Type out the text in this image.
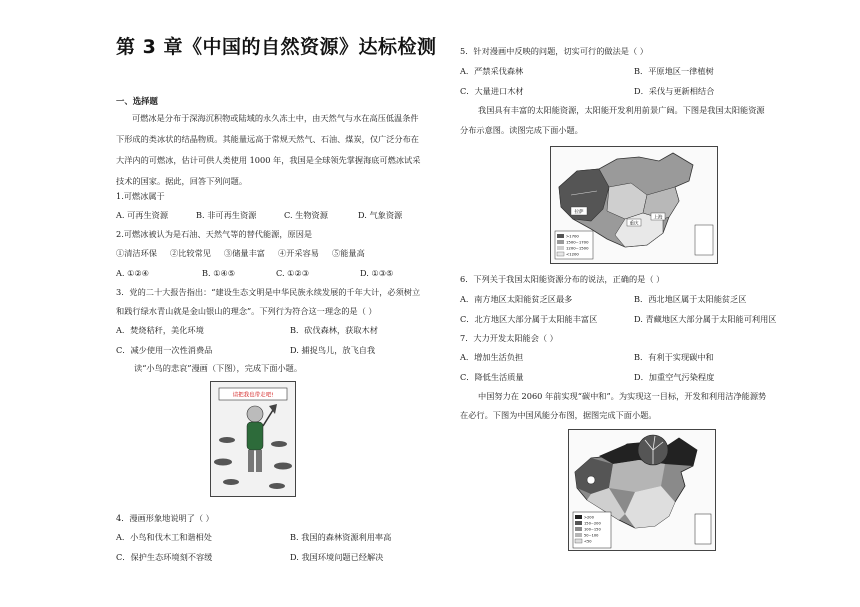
第 3 章《中国的自然资源》达标检测
一、选择题
可燃冰是分布于深海沉积物或陆域的永久冻土中，由天然气与水在高压低温条件
下形成的类冰状的结晶物质。其能量远高于常规天然气、石油、煤炭，仅广泛分布在
大洋内的可燃冰，估计可供人类使用 1000 年，我国是全球领先掌握海底可燃冰试采
技术的国家。据此，回答下列问题。
1.可燃冰属于
A. 可再生资源	B. 非可再生资源	C. 生物资源	D. 气象资源
2.可燃冰被认为是石油、天然气等的替代能源，原因是
①清洁环保 ②比较常见 ③储量丰富 ④开采容易 ⑤能量高
A. ①②④	B. ①④⑤	C. ①②③	D. ①③⑤
3．党的二十大报告指出：“建设生态文明是中华民族永续发展的千年大计，必须树立
和践行绿水青山就是金山银山的理念”。下列行为符合这一理念的是（ ）
A．焚烧秸秆，美化环境	B．砍伐森林，获取木材
C．减少使用一次性消费品	D. 捕捉鸟儿，放飞自我
读“小鸟的悲哀”漫画（下图），完成下面小题。
请把我也带走吧!
4．漫画形象地说明了（ ）
A．小鸟和伐木工和谐相处	B. 我国的森林资源利用率高
C．保护生态环境刻不容缓	D. 我国环境问题已经解决
5．针对漫画中反映的问题，切实可行的做法是（ ）
A．严禁采伐森林	B．平原地区一律植树
C．大量进口木材	D．采伐与更新相结合
我国具有丰富的太阳能资源，太阳能开发利用前景广阔。下图是我国太阳能资源
分布示意图。读图完成下面小题。
拉萨
重庆
上海
>1700
1500~1700
1200~1500
<1200
6．下列关于我国太阳能资源分布的说法，正确的是（ ）
A．南方地区太阳能贫乏区最多	B．西北地区属于太阳能贫乏区
C．北方地区大部分属于太阳能丰富区	D. 青藏地区大部分属于太阳能可利用区
7．大力开发太阳能会（ ）
A．增加生活负担	B．有利于实现碳中和
C．降低生活质量	D．加重空气污染程度
中国努力在 2060 年前实现“碳中和”。为实现这一目标，开发和利用洁净能源势
在必行。下图为中国风能分布图，据图完成下面小题。
>200
150~200
100~150
50~100
<50
